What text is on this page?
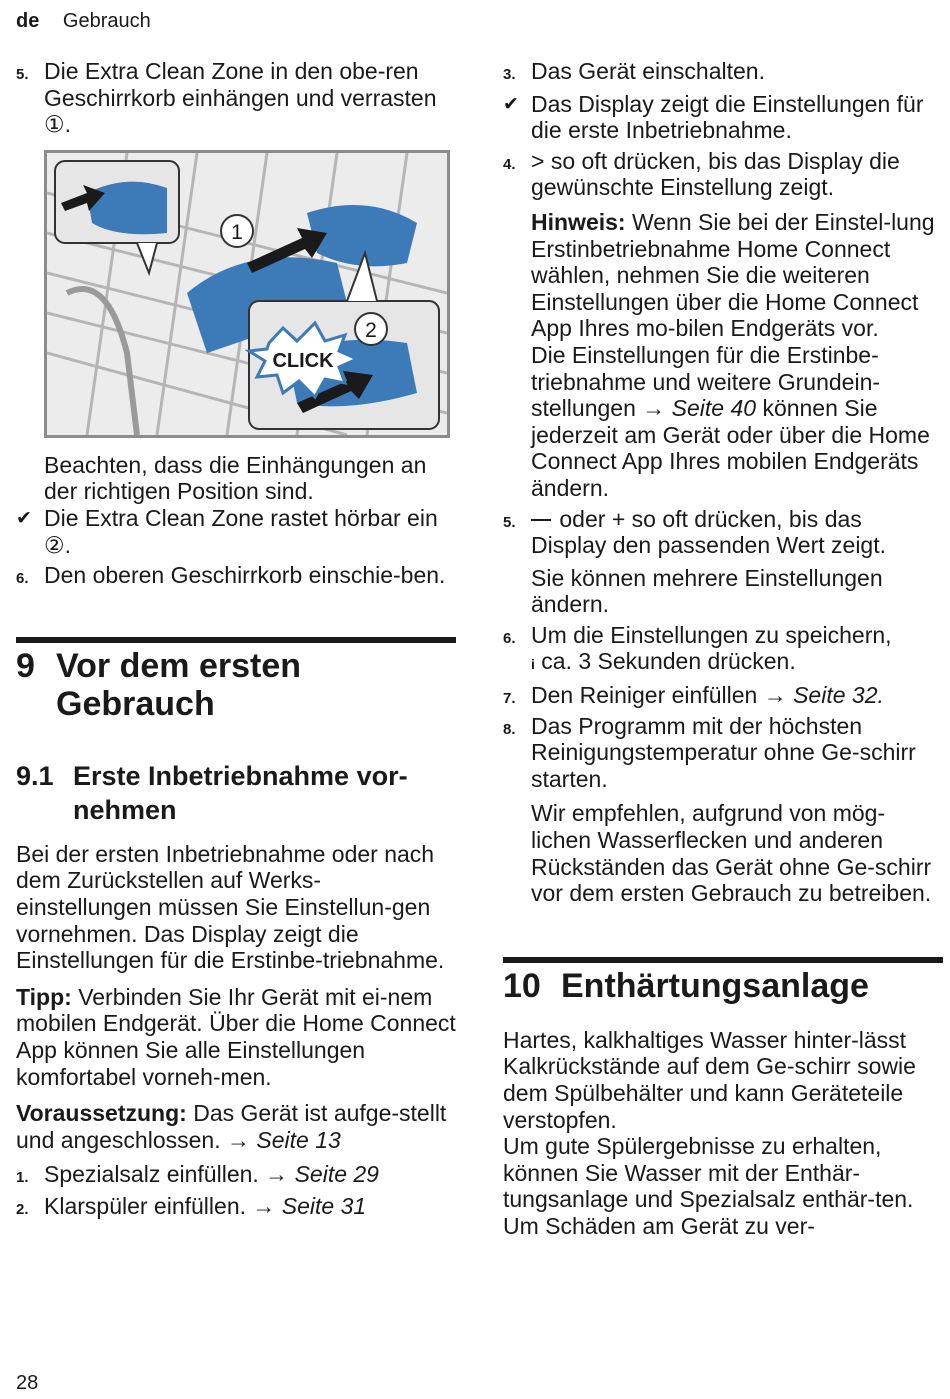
de Gebrauch
5. Die Extra Clean Zone in den obe-ren Geschirrkorb einhängen und verrasten ①.
CLICK
1
2

Beachten, dass die Einhängungen an der richtigen Position sind.

✔ Die Extra Clean Zone rastet hörbar ein ②.
6. Den oberen Geschirrkorb einschie-ben.
9 Vor dem ersten Gebrauch
9.1 Erste Inbetriebnahme vor-nehmen

Bei der ersten Inbetriebnahme oder nach dem Zurückstellen auf Werks-einstellungen müssen Sie Einstellun-gen vornehmen. Das Display zeigt die Einstellungen für die Erstinbe-triebnahme.

Tipp: Verbinden Sie Ihr Gerät mit ei-nem mobilen Endgerät. Über die Home Connect App können Sie alle Einstellungen komfortabel vorneh-men.

Voraussetzung: Das Gerät ist aufge-stellt und angeschlossen. → Seite 13

1. Spezialsalz einfüllen. → Seite 29
2. Klarspüler einfüllen. → Seite 31
3. Das Gerät einschalten.
✔ Das Display zeigt die Einstellungen für die erste Inbetriebnahme.
4. > so oft drücken, bis das Display die gewünschte Einstellung zeigt.

Hinweis: Wenn Sie bei der Einstel-lung Erstinbetriebnahme Home Connect wählen, nehmen Sie die weiteren Einstellungen über die Home Connect App Ihres mo-bilen Endgeräts vor.

Die Einstellungen für die Erstinbe-triebnahme und weitere Grundein-stellungen → Seite 40 können Sie jederzeit am Gerät oder über die Home Connect App Ihres mobilen Endgeräts ändern.

5. oder + so oft drücken, bis das Display den passenden Wert zeigt.

Sie können mehrere Einstellungen ändern.

6. Um die Einstellungen zu speichern,
i ca. 3 Sekunden drücken.
7. Den Reiniger einfüllen → Seite 32.
8. Das Programm mit der höchsten Reinigungstemperatur ohne Ge-schirr starten.

Wir empfehlen, aufgrund von mög-lichen Wasserflecken und anderen Rückständen das Gerät ohne Ge-schirr vor dem ersten Gebrauch zu betreiben.

10 Enthärtungsanlage

Hartes, kalkhaltiges Wasser hinter-lässt Kalkrückstände auf dem Ge-schirr sowie dem Spülbehälter und kann Geräteteile verstopfen.

Um gute Spülergebnisse zu erhalten, können Sie Wasser mit der Enthär-tungsanlage und Spezialsalz enthär-ten. Um Schäden am Gerät zu ver-

28
